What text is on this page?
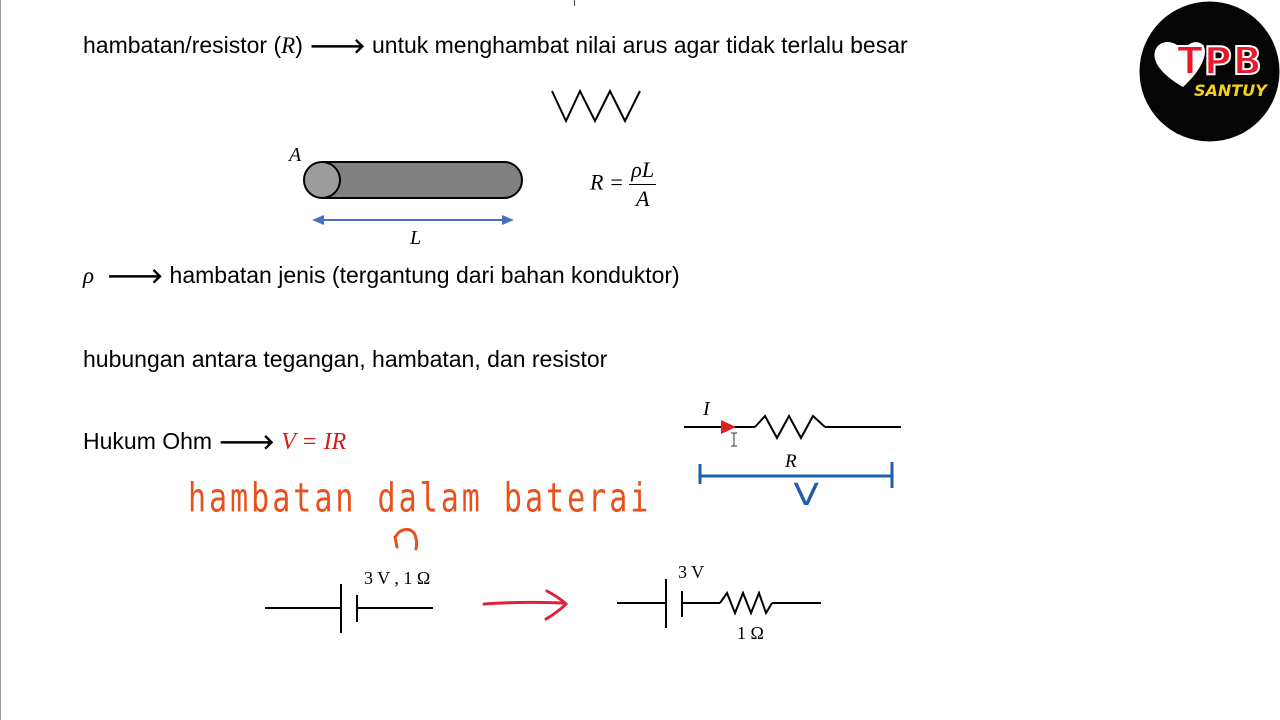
hambatan/resistor (R) 🡒 untuk menghambat nilai arus agar tidak terlalu besar
A
L
$R = \frac{\rho L}{A}$
ρ 🡒 hambatan jenis (tergantung dari bahan konduktor)
hubungan antara tegangan, hambatan, dan resistor
Hukum Ohm 🡒 V = IR
I
R
V
hambatan dalam baterai
3 V , 1 Ω	3 V
1 Ω
TPB
SANTUY
